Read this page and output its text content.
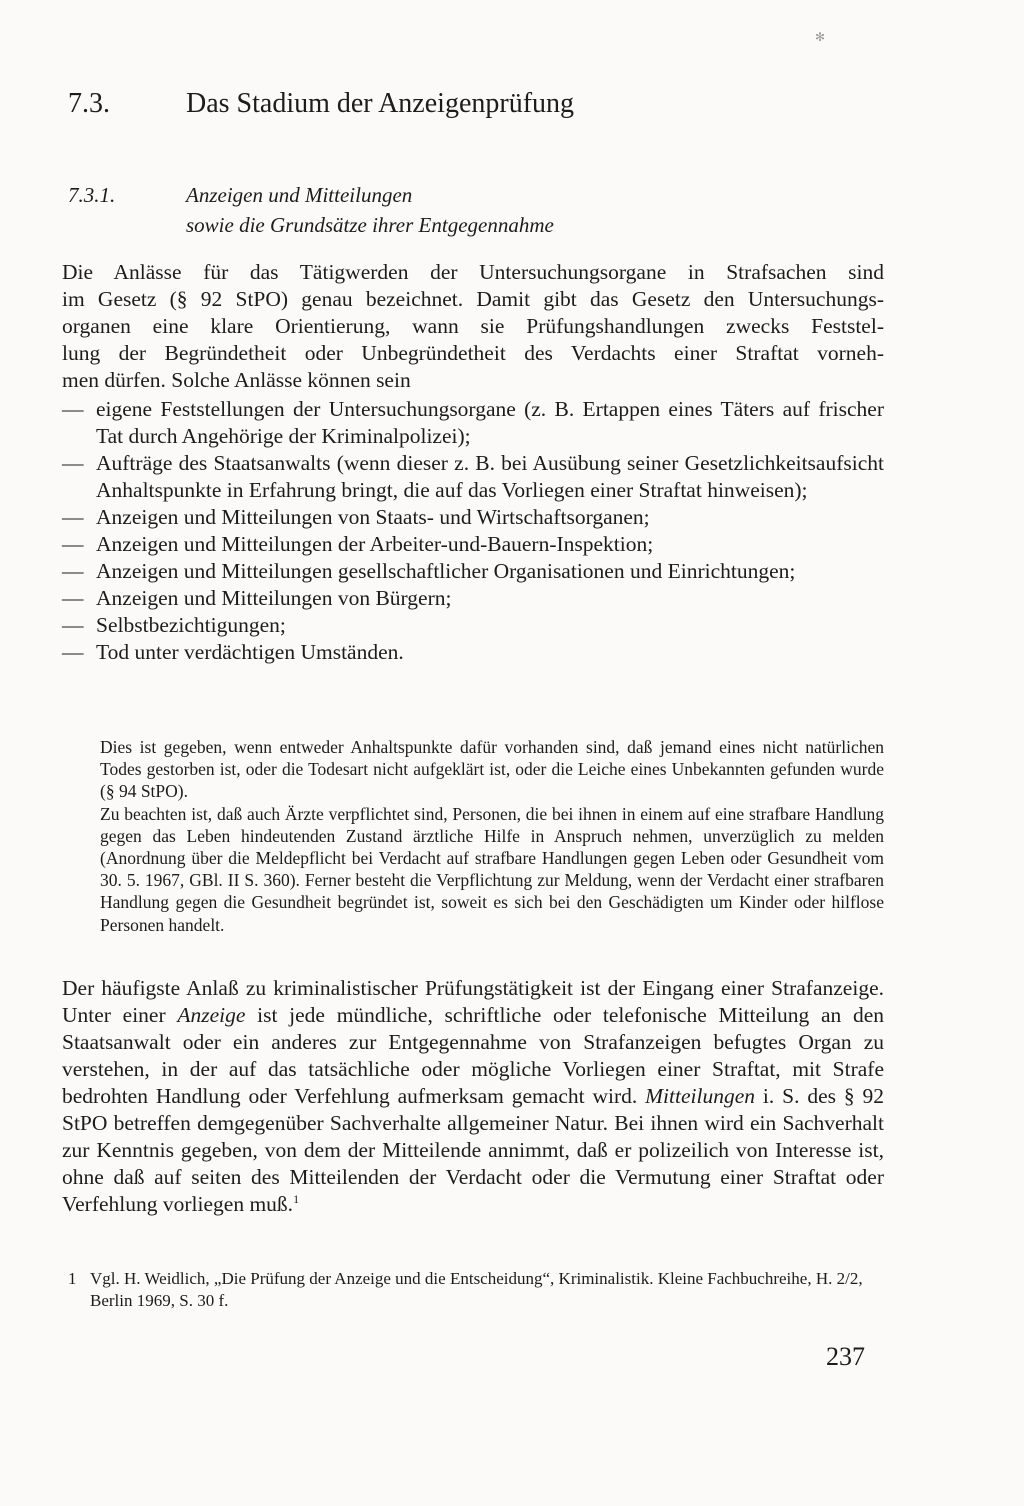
✻
7.3.	Das Stadium der Anzeigenprüfung
7.3.1.	Anzeigen und Mitteilungen
sowie die Grundsätze ihrer Entgegennahme
Die Anlässe für das Tätigwerden der Untersuchungsorgane in Strafsachen sind
im Gesetz (§ 92 StPO) genau bezeichnet. Damit gibt das Gesetz den Untersuchungs-
organen eine klare Orientierung, wann sie Prüfungshandlungen zwecks Feststel-
lung der Begründetheit oder Unbegründetheit des Verdachts einer Straftat vorneh-
men dürfen. Solche Anlässe können sein
— eigene Feststellungen der Untersuchungsorgane (z. B. Ertappen eines Täters auf frischer Tat durch Angehörige der Kriminalpolizei);

— Aufträge des Staatsanwalts (wenn dieser z. B. bei Ausübung seiner Gesetzlichkeitsaufsicht Anhaltspunkte in Erfahrung bringt, die auf das Vorliegen einer Straftat hinweisen);

— Anzeigen und Mitteilungen von Staats- und Wirtschaftsorganen;

— Anzeigen und Mitteilungen der Arbeiter-und-Bauern-Inspektion;

— Anzeigen und Mitteilungen gesellschaftlicher Organisationen und Einrichtungen;

— Anzeigen und Mitteilungen von Bürgern;

— Selbstbezichtigungen;

— Tod unter verdächtigen Umständen.

Dies ist gegeben, wenn entweder Anhaltspunkte dafür vorhanden sind, daß jemand eines nicht natürlichen Todes gestorben ist, oder die Todesart nicht aufgeklärt ist, oder die Leiche eines Unbekannten gefunden wurde (§ 94 StPO).

Zu beachten ist, daß auch Ärzte verpflichtet sind, Personen, die bei ihnen in einem auf eine strafbare Handlung gegen das Leben hindeutenden Zustand ärztliche Hilfe in Anspruch nehmen, unverzüglich zu melden (Anordnung über die Meldepflicht bei Verdacht auf strafbare Handlungen gegen Leben oder Gesundheit vom 30. 5. 1967, GBl. II S. 360). Ferner besteht die Verpflichtung zur Meldung, wenn der Verdacht einer strafbaren Handlung gegen die Gesundheit begründet ist, soweit es sich bei den Geschädigten um Kinder oder hilflose Personen handelt.

Der häufigste Anlaß zu kriminalistischer Prüfungstätigkeit ist der Eingang einer Strafanzeige. Unter einer Anzeige ist jede mündliche, schriftliche oder telefonische Mitteilung an den Staatsanwalt oder ein anderes zur Entgegennahme von Strafanzeigen befugtes Organ zu verstehen, in der auf das tatsächliche oder mögliche Vorliegen einer Straftat, mit Strafe bedrohten Handlung oder Verfehlung aufmerksam gemacht wird. Mitteilungen i. S. des § 92 StPO betreffen demgegenüber Sachverhalte allgemeiner Natur. Bei ihnen wird ein Sachverhalt zur Kenntnis gegeben, von dem der Mitteilende annimmt, daß er polizeilich von Interesse ist, ohne daß auf seiten des Mitteilenden der Verdacht oder die Vermutung einer Straftat oder Verfehlung vorliegen muß.$^1$

1 Vgl. H. Weidlich, „Die Prüfung der Anzeige und die Entscheidung“, Kriminalistik. Kleine Fachbuchreihe, H. 2/2, Berlin 1969, S. 30 f.
237
